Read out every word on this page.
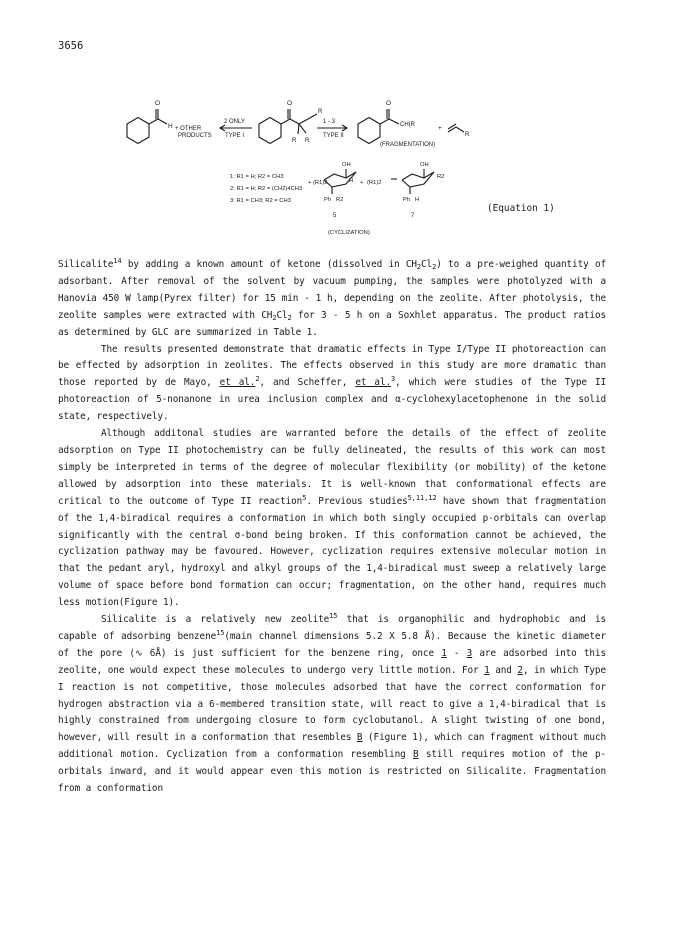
3656
O
H + OTHER
PRODUCTS
2 ONLY
TYPE I
O
R
R R
1 - 3
TYPE II
O
CH(R
(FRAGMENTATION)
+
R
1: R1 = H; R2 = CH3
2: R1 = H; R2 = (CH2)4CH3
3: R1 = CH3; R2 = CH3
+
OH
H
(R1)2
Ph R2
+ (R1)2
OH
R2
Ph H
5	7
(CYCLIZATION)
(Equation 1)

Silicalite$^{14}$ by adding a known amount of ketone (dissolved in $CH_2Cl_2$) to a pre-weighed quantity of adsorbant. After removal of the solvent by vacuum pumping, the samples were photolyzed with a Hanovia 450 W lamp(Pyrex filter) for 15 min - 1 h, depending on the zeolite. After photolysis, the zeolite samples were extracted with $CH_2Cl_2$ for 3 - 5 h on a Soxhlet apparatus. The product ratios as determined by GLC are summarized in Table 1.

The results presented demonstrate that dramatic effects in Type I/Type II photoreaction can be effected by adsorption in zeolites. The effects observed in this study are more dramatic than those reported by de Mayo, et al.$^2$, and Scheffer, et al.$^3$, which were studies of the Type II photoreaction of 5-nonanone in urea inclusion complex and α-cyclohexylacetophenone in the solid state, respectively.

Although additonal studies are warranted before the details of the effect of zeolite adsorption on Type II photochemistry can be fully delineated, the results of this work can most simply be interpreted in terms of the degree of molecular flexibility (or mobility) of the ketone allowed by adsorption into these materials. It is well-known that conformational effects are critical to the outcome of Type II reaction$^5$. Previous studies$^{5,11,12}$ have shown that fragmentation of the 1,4-biradical requires a conformation in which both singly occupied p-orbitals can overlap significantly with the central σ-bond being broken. If this conformation cannot be achieved, the cyclization pathway may be favoured. However, cyclization requires extensive molecular motion in that the pedant aryl, hydroxyl and alkyl groups of the 1,4-biradical must sweep a relatively large volume of space before bond formation can occur; fragmentation, on the other hand, requires much less motion(Figure 1).

Silicalite is a relatively new zeolite$^{15}$ that is organophilic and hydrophobic and is capable of adsorbing benzene$^{15}$(main channel dimensions 5.2 X 5.8 Å). Because the kinetic diameter of the pore (∿ 6Å) is just sufficient for the benzene ring, once 1 - 3 are adsorbed into this zeolite, one would expect these molecules to undergo very little motion. For 1 and 2, in which Type I reaction is not competitive, those molecules adsorbed that have the correct conformation for hydrogen abstraction via a 6-membered transition state, will react to give a 1,4-biradical that is highly constrained from undergoing closure to form cyclobutanol. A slight twisting of one bond, however, will result in a conformation that resembles B (Figure 1), which can fragment without much additional motion. Cyclization from a conformation resembling B still requires motion of the p-orbitals inward, and it would appear even this motion is restricted on Silicalite. Fragmentation from a conformation
